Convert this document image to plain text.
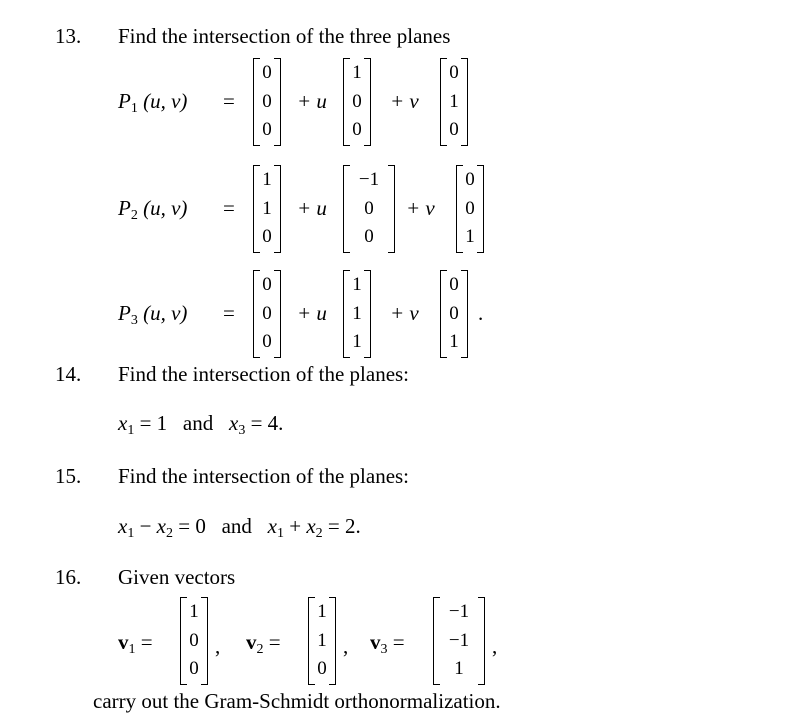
13. Find the intersection of the three planes
$P_1$ (u, v) =
0
0
0
+ u
1
0
0
+ v
0
1
0
$P_2$ (u, v) =
1
1
0
+ u
−1
0
0
+ v
0
0
1
$P_3$ (u, v) =
0
0
0
+ u
1
1
1
+ v
0
0
1
.
14. Find the intersection of the planes:
$x_1 = 1$ and $x_3 = 4$.
15. Find the intersection of the planes:
$x_1 - x_2 = 0$ and $x_1 + x_2 = 2$.
16. Given vectors
$v_1$ =
1
0
0
, $v_2$ =
1
1
0
, $v_3$ =
−1
−1
1
,
carry out the Gram-Schmidt orthonormalization.
